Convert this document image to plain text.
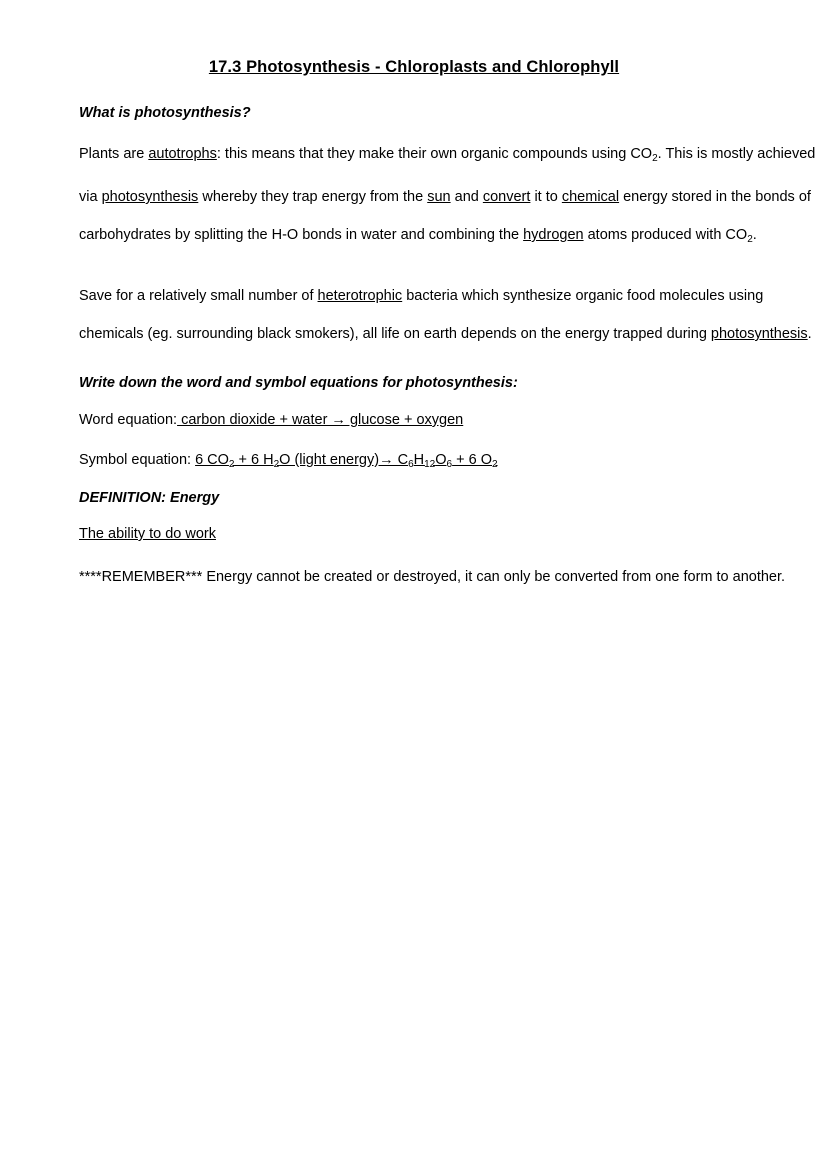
17.3 Photosynthesis - Chloroplasts and Chlorophyll
What is photosynthesis?

Plants are autotrophs: this means that they make their own organic compounds using $CO_2$. This is mostly achieved via photosynthesis whereby they trap energy from the sun and convert it to chemical energy stored in the bonds of carbohydrates by splitting the H-O bonds in water and combining the hydrogen atoms produced with $CO_2$.

Save for a relatively small number of heterotrophic bacteria which synthesize organic food molecules using chemicals (eg. surrounding black smokers), all life on earth depends on the energy trapped during photosynthesis.

Write down the word and symbol equations for photosynthesis:

Word equation: carbon dioxide + water → glucose + oxygen

Symbol equation: 6 $CO_2 + 6$ $H_2O$ (light energy)→ $C_6H_{12}O_6 + 6$ $O_2$

DEFINITION: Energy

The ability to do work

****REMEMBER*** Energy cannot be created or destroyed, it can only be converted from one form to another.
